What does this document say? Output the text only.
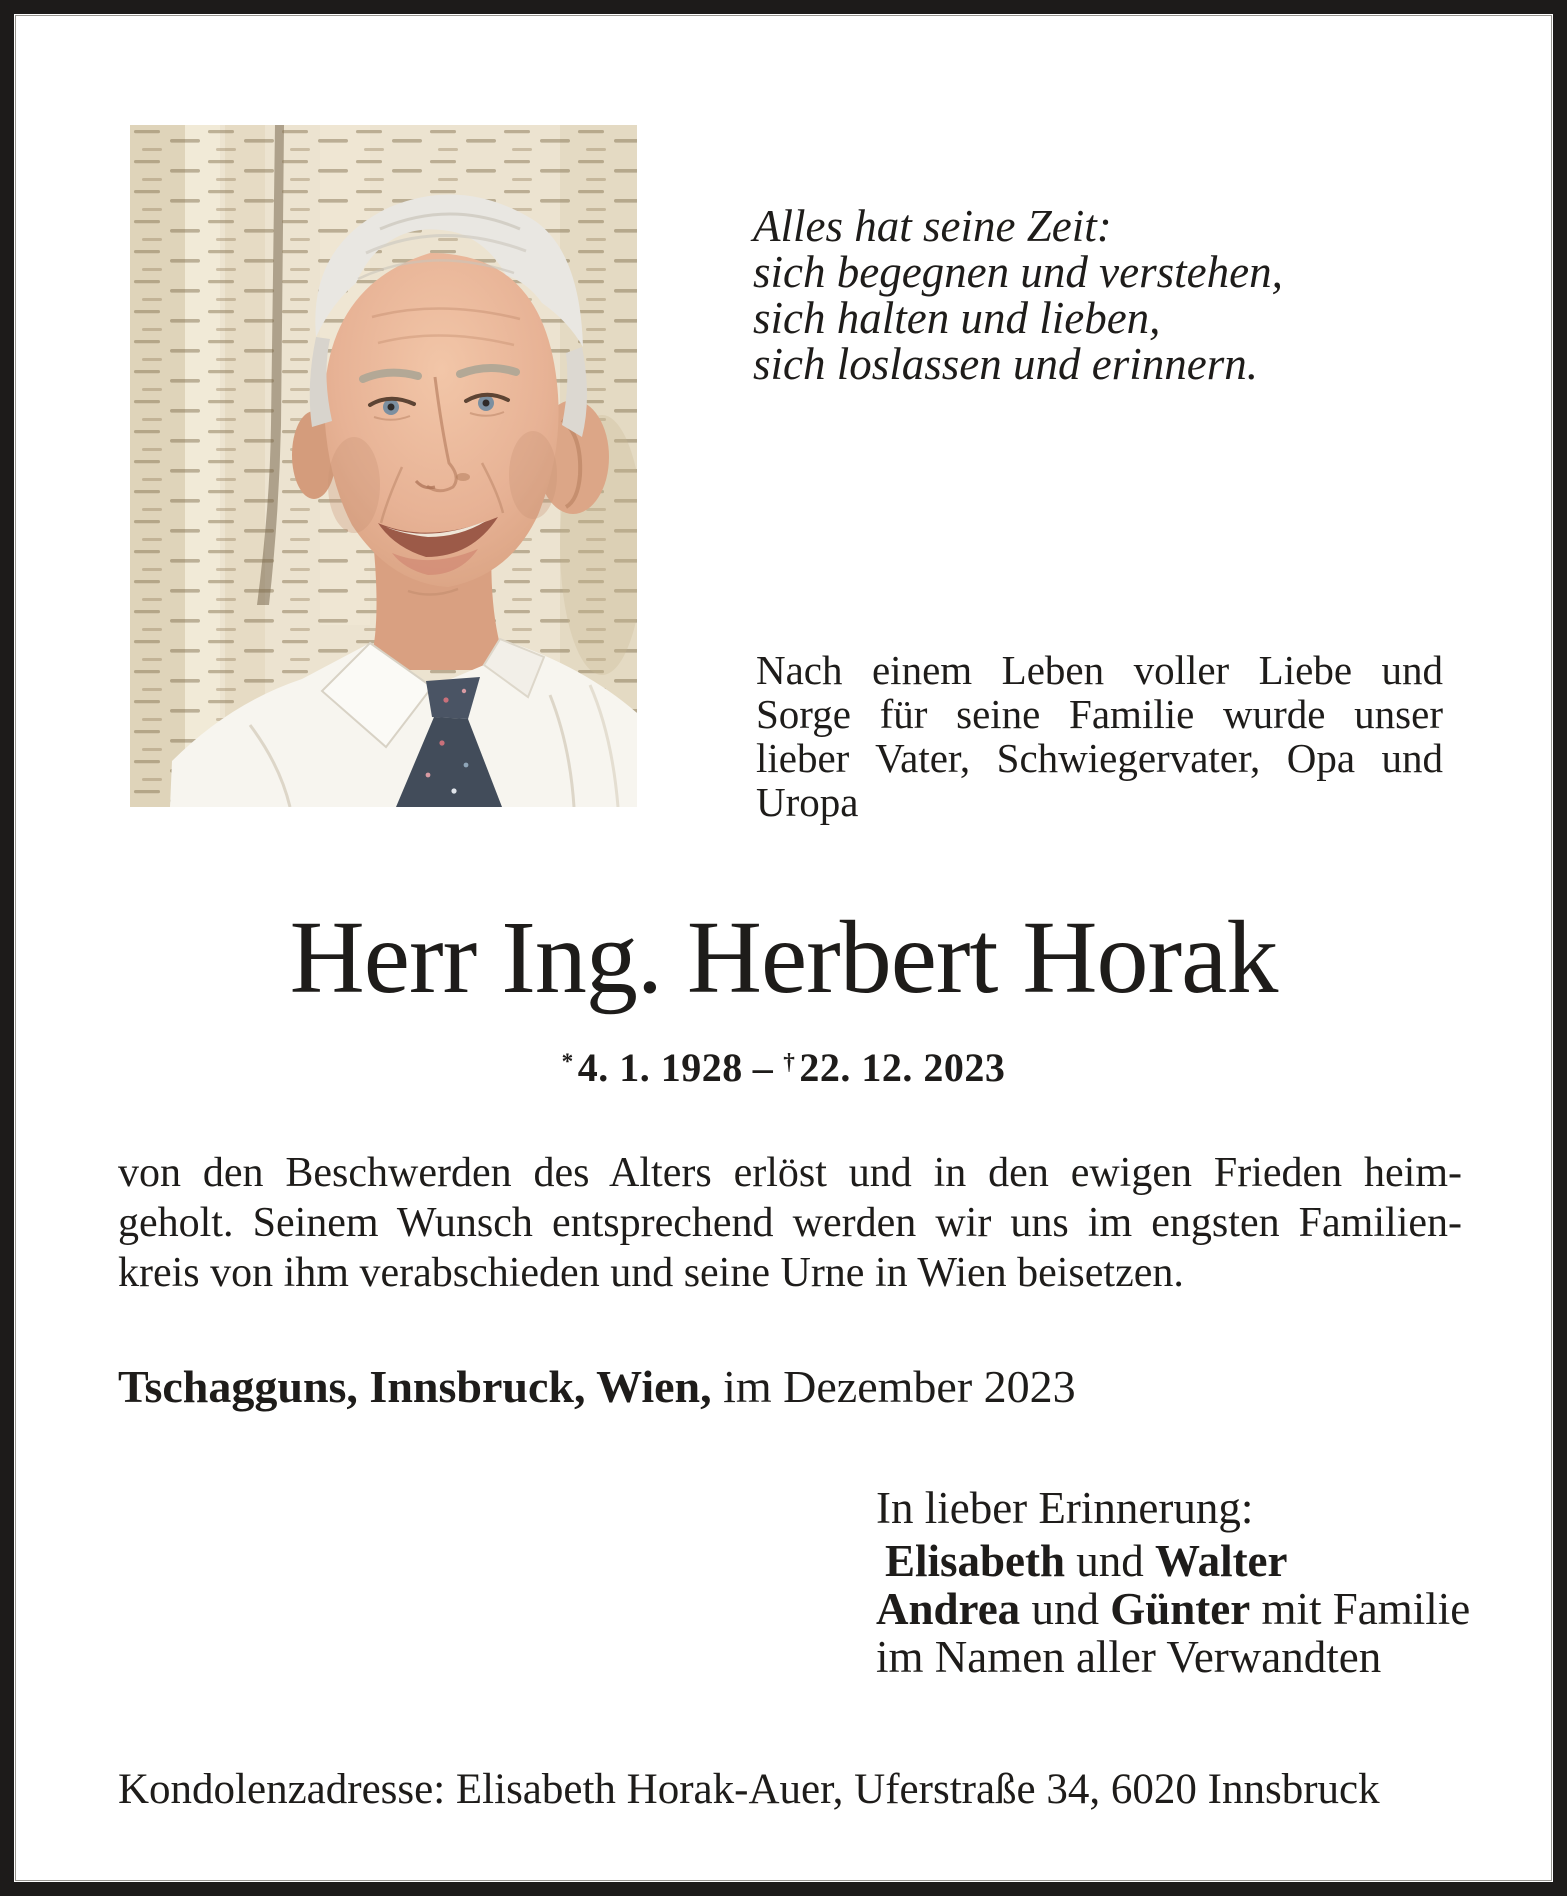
Alles hat seine Zeit:
sich begegnen und verstehen,
sich halten und lieben,
sich loslassen und erinnern.
Nach einem Leben voller Liebe und
Sorge für seine Familie wurde unser
lieber Vater, Schwiegervater, Opa und
Uropa
Herr Ing. Herbert Horak
* 4. 1. 1928 – † 22. 12. 2023
von den Beschwerden des Alters erlöst und in den ewigen Frieden heim-
geholt. Seinem Wunsch entsprechend werden wir uns im engsten Familien-
kreis von ihm verabschieden und seine Urne in Wien beisetzen.
Tschagguns, Innsbruck, Wien, im Dezember 2023
In lieber Erinnerung:
Elisabeth und Walter
Andrea und Günter mit Familie
im Namen aller Verwandten
Kondolenzadresse: Elisabeth Horak-Auer, Uferstraße 34, 6020 Innsbruck
